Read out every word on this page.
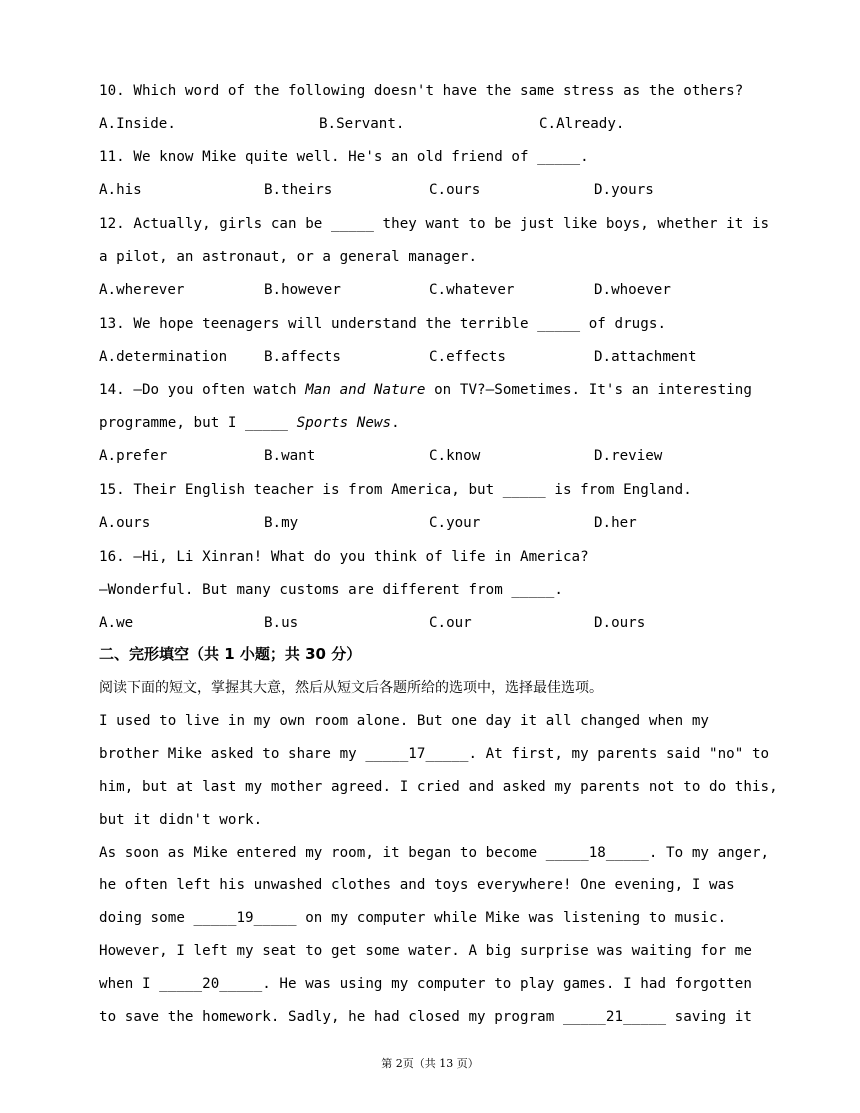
10. Which word of the following doesn't have the same stress as the others?
A.Inside.	B.Servant.	C.Already.
11. We know Mike quite well. He's an old friend of _____.
A.his	B.theirs	C.ours	D.yours
12. Actually, girls can be _____ they want to be just like boys, whether it is
a pilot, an astronaut, or a general manager.
A.wherever	B.however	C.whatever	D.whoever
13. We hope teenagers will understand the terrible _____ of drugs.
A.determination	B.affects	C.effects	D.attachment
14. —Do you often watch Man and Nature on TV?—Sometimes. It's an interesting
programme, but I _____ Sports News.
A.prefer	B.want	C.know	D.review
15. Their English teacher is from America, but _____ is from England.
A.ours	B.my	C.your	D.her
16. —Hi, Li Xinran! What do you think of life in America?
—Wonderful. But many customs are different from _____.
A.we	B.us	C.our	D.ours
二、完形填空（共 1 小题；共 30 分）
阅读下面的短文，掌握其大意，然后从短文后各题所给的选项中，选择最佳选项。
I used to live in my own room alone. But one day it all changed when my
brother Mike asked to share my _____17_____. At first, my parents said "no" to
him, but at last my mother agreed. I cried and asked my parents not to do this,
but it didn't work.
As soon as Mike entered my room, it began to become _____18_____. To my anger,
he often left his unwashed clothes and toys everywhere! One evening, I was
doing some _____19_____ on my computer while Mike was listening to music.
However, I left my seat to get some water. A big surprise was waiting for me
when I _____20_____. He was using my computer to play games. I had forgotten
to save the homework. Sadly, he had closed my program _____21_____ saving it
第 2页（共 13 页）
